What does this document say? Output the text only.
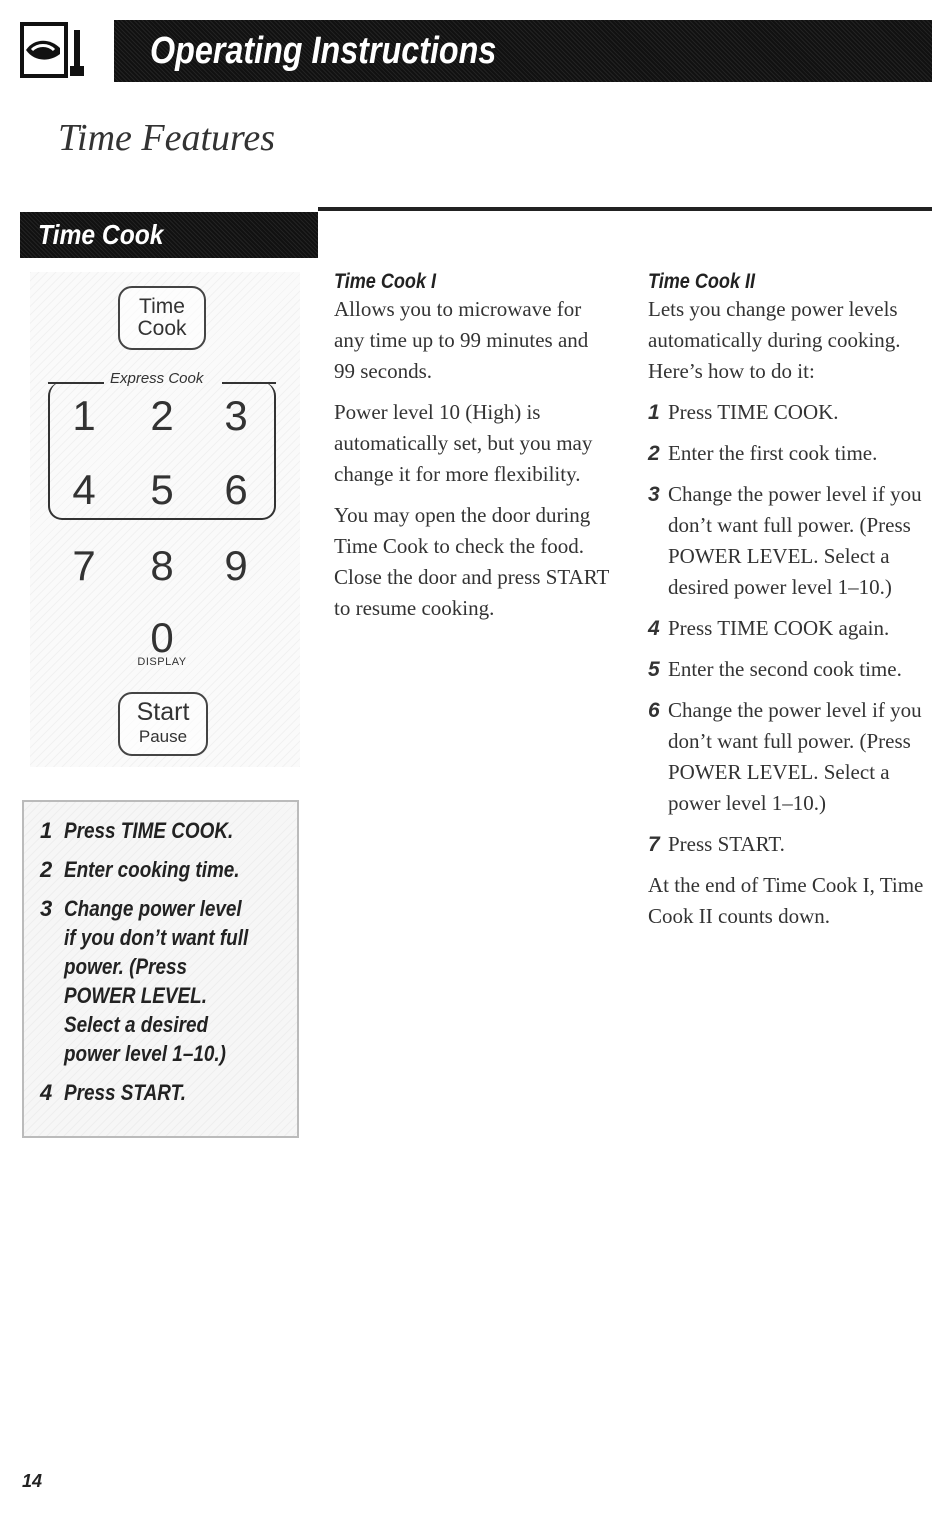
Operating Instructions
Time Features
Time Cook
Time
Cook
Express Cook
1 2 3
4 5 6
7 8 9
0
DISPLAY
Start
Pause
1 Press TIME COOK.
2 Enter cooking time.
3 Change power level if you don’t want full power. (Press POWER LEVEL. Select a desired power level 1–10.)
4 Press START.
Time Cook I

Allows you to microwave for any time up to 99 minutes and 99 seconds.

Power level 10 (High) is automatically set, but you may change it for more flexibility.

You may open the door during Time Cook to check the food. Close the door and press START to resume cooking.

Time Cook II

Lets you change power levels automatically during cooking. Here’s how to do it:

1 Press TIME COOK.
2 Enter the first cook time.
3 Change the power level if you don’t want full power. (Press POWER LEVEL. Select a desired power level 1–10.)
4 Press TIME COOK again.
5 Enter the second cook time.
6 Change the power level if you don’t want full power. (Press POWER LEVEL. Select a power level 1–10.)
7 Press START.

At the end of Time Cook I, Time Cook II counts down.

14
